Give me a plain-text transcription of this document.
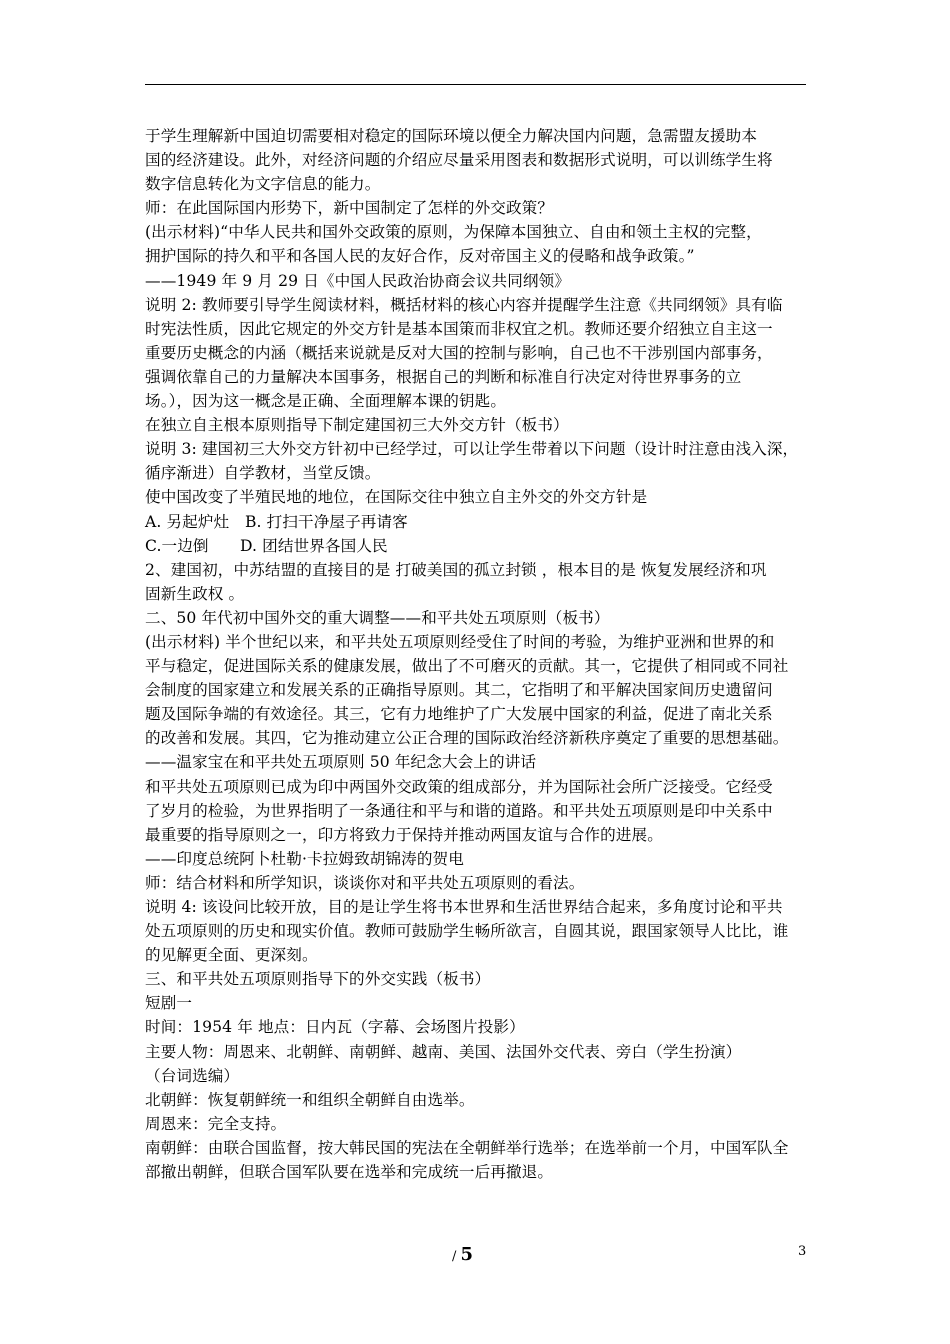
于学生理解新中国迫切需要相对稳定的国际环境以便全力解决国内问题，急需盟友援助本

国的经济建设。此外，对经济问题的介绍应尽量采用图表和数据形式说明，可以训练学生将

数字信息转化为文字信息的能力。

师：在此国际国内形势下，新中国制定了怎样的外交政策？

(出示材料)“中华人民共和国外交政策的原则，为保障本国独立、自由和领土主权的完整，

拥护国际的持久和平和各国人民的友好合作，反对帝国主义的侵略和战争政策。”

——1949 年 9 月 29 日《中国人民政治协商会议共同纲领》

说明 2: 教师要引导学生阅读材料，概括材料的核心内容并提醒学生注意《共同纲领》具有临

时宪法性质，因此它规定的外交方针是基本国策而非权宜之机。教师还要介绍独立自主这一

重要历史概念的内涵（概括来说就是反对大国的控制与影响，自己也不干涉别国内部事务，

强调依靠自己的力量解决本国事务，根据自己的判断和标准自行决定对待世界事务的立

场。），因为这一概念是正确、全面理解本课的钥匙。

在独立自主根本原则指导下制定建国初三大外交方针（板书）

说明 3: 建国初三大外交方针初中已经学过，可以让学生带着以下问题（设计时注意由浅入深，

循序渐进）自学教材，当堂反馈。

使中国改变了半殖民地的地位，在国际交往中独立自主外交的外交方针是

A. 另起炉灶　B. 打扫干净屋子再请客

C.一边倒　　D. 团结世界各国人民

2、建国初，中苏结盟的直接目的是 打破美国的孤立封锁 ，根本目的是 恢复发展经济和巩

固新生政权 。

二、50 年代初中国外交的重大调整——和平共处五项原则（板书）

(出示材料) 半个世纪以来，和平共处五项原则经受住了时间的考验，为维护亚洲和世界的和

平与稳定，促进国际关系的健康发展，做出了不可磨灭的贡献。其一，它提供了相同或不同社

会制度的国家建立和发展关系的正确指导原则。其二，它指明了和平解决国家间历史遗留问

题及国际争端的有效途径。其三，它有力地维护了广大发展中国家的利益，促进了南北关系

的改善和发展。其四，它为推动建立公正合理的国际政治经济新秩序奠定了重要的思想基础。

——温家宝在和平共处五项原则 50 年纪念大会上的讲话

和平共处五项原则已成为印中两国外交政策的组成部分，并为国际社会所广泛接受。它经受

了岁月的检验，为世界指明了一条通往和平与和谐的道路。和平共处五项原则是印中关系中

最重要的指导原则之一，印方将致力于保持并推动两国友谊与合作的进展。

——印度总统阿卜杜勒·卡拉姆致胡锦涛的贺电

师：结合材料和所学知识，谈谈你对和平共处五项原则的看法。

说明 4: 该设问比较开放，目的是让学生将书本世界和生活世界结合起来，多角度讨论和平共

处五项原则的历史和现实价值。教师可鼓励学生畅所欲言，自圆其说，跟国家领导人比比，谁

的见解更全面、更深刻。

三、和平共处五项原则指导下的外交实践（板书）

短剧一

时间：1954 年 地点：日内瓦（字幕、会场图片投影）

主要人物：周恩来、北朝鲜、南朝鲜、越南、美国、法国外交代表、旁白（学生扮演）

（台词选编）

北朝鲜：恢复朝鲜统一和组织全朝鲜自由选举。

周恩来：完全支持。

南朝鲜：由联合国监督，按大韩民国的宪法在全朝鲜举行选举；在选举前一个月，中国军队全

部撤出朝鲜，但联合国军队要在选举和完成统一后再撤退。

/ 5	3
